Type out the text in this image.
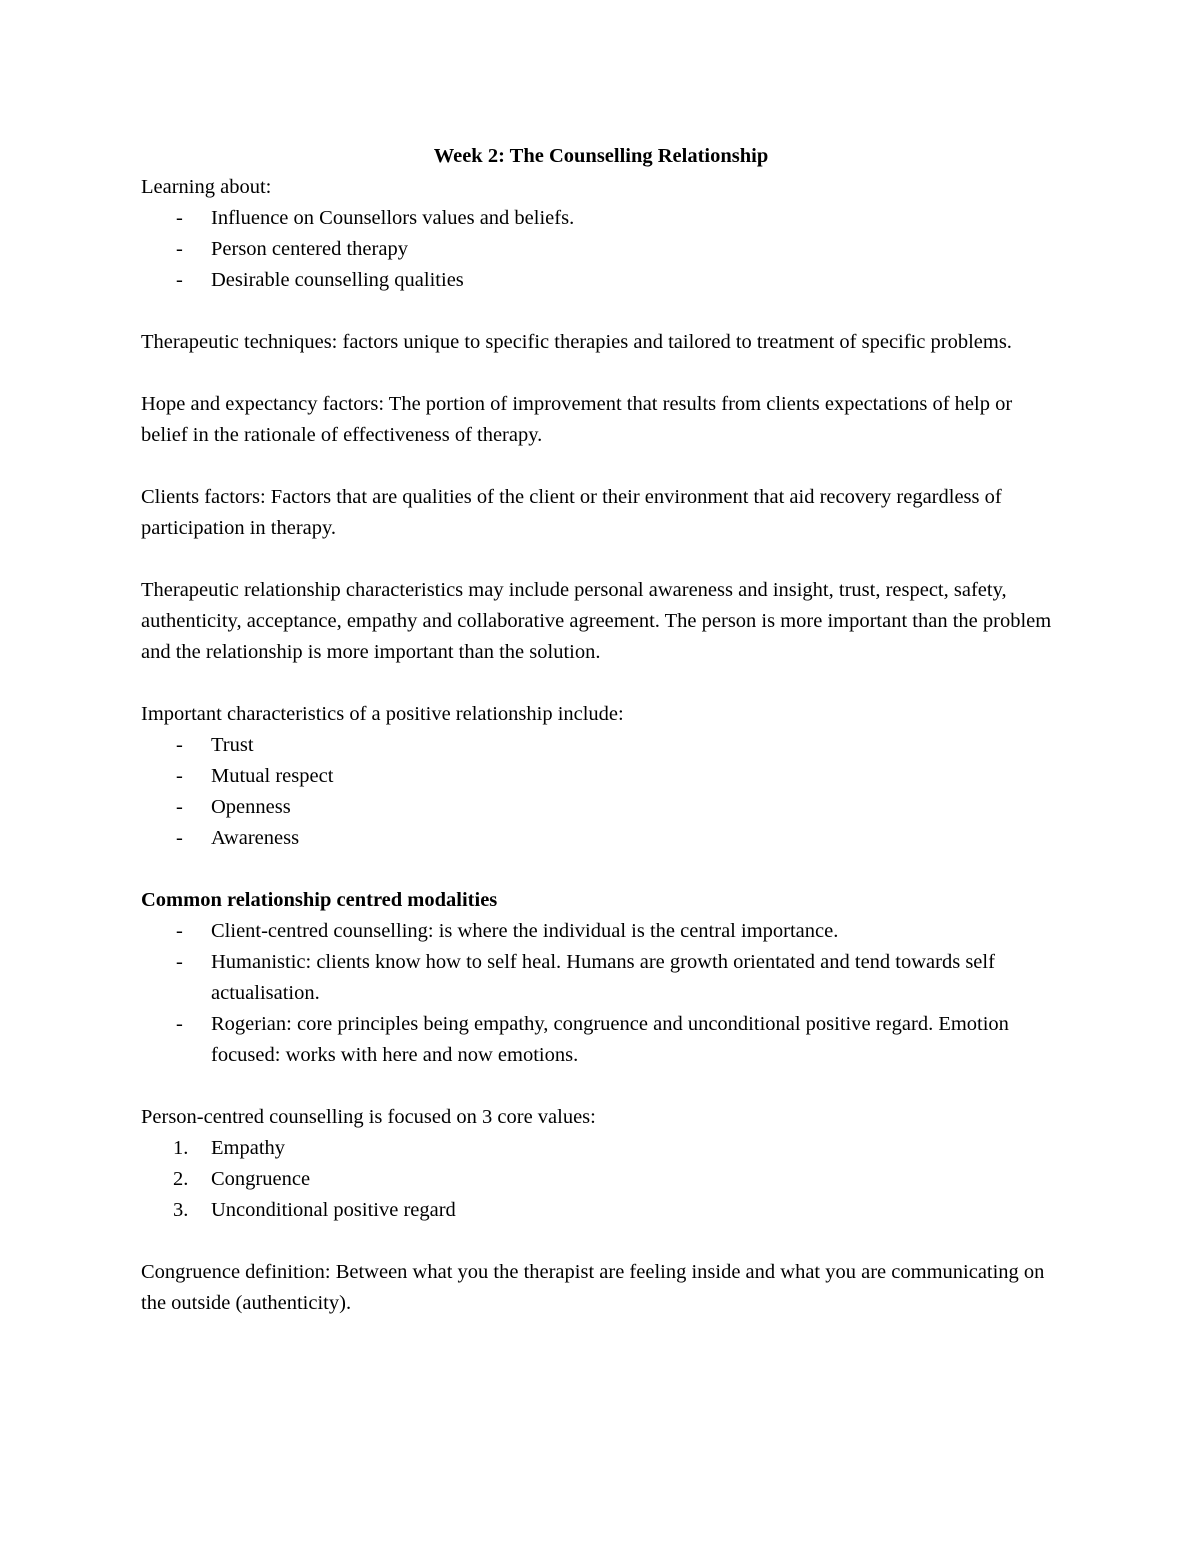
Week 2: The Counselling Relationship

Learning about:

- Influence on Counsellors values and beliefs.
- Person centered therapy
- Desirable counselling qualities

Therapeutic techniques: factors unique to specific therapies and tailored to treatment of specific problems.

Hope and expectancy factors: The portion of improvement that results from clients expectations of help or belief in the rationale of effectiveness of therapy.

Clients factors: Factors that are qualities of the client or their environment that aid recovery regardless of participation in therapy.

Therapeutic relationship characteristics may include personal awareness and insight, trust, respect, safety, authenticity, acceptance, empathy and collaborative agreement. The person is more important than the problem and the relationship is more important than the solution.

Important characteristics of a positive relationship include:

- Trust
- Mutual respect
- Openness
- Awareness

Common relationship centred modalities

- Client-centred counselling: is where the individual is the central importance.
- Humanistic: clients know how to self heal. Humans are growth orientated and tend towards self actualisation.
- Rogerian: core principles being empathy, congruence and unconditional positive regard. Emotion focused: works with here and now emotions.

Person-centred counselling is focused on 3 core values:

1. Empathy
2. Congruence
3. Unconditional positive regard

Congruence definition: Between what you the therapist are feeling inside and what you are communicating on the outside (authenticity).
